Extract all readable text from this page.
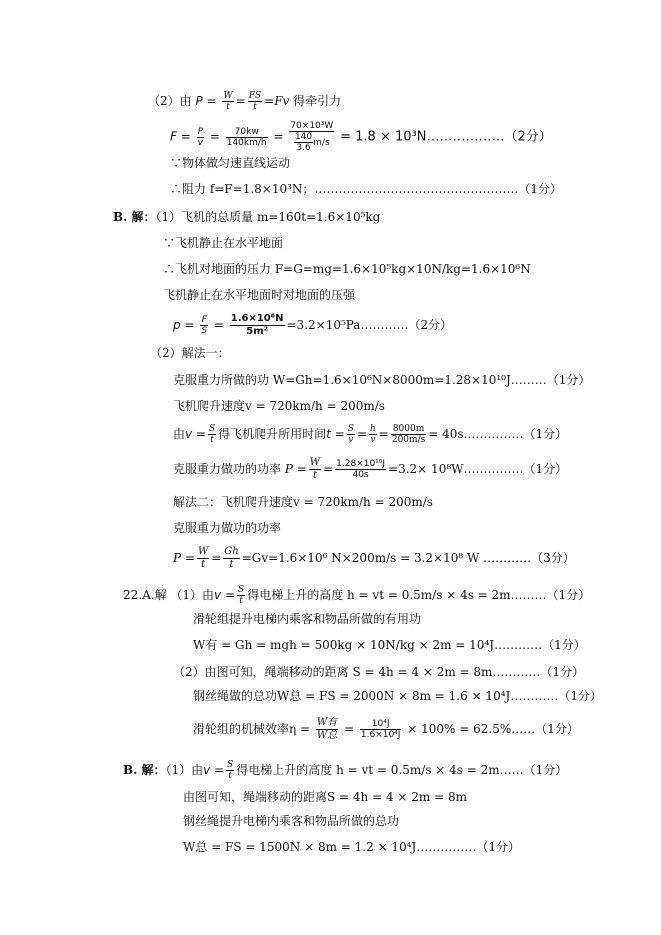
（2）由 $P = \frac{W}{t} = \frac{FS}{t} =Fv$ 得牵引力
$F = \frac{P}{v} = \frac{70kw}{140km/h} = \frac{\text{70×10³W}}{\frac{140}{3.6} m/s} = 1.8$ × 10³N………………（2分）
∵物体做匀速直线运动
∴阻力 f=F=1.8×10³N；……………………………………………（1分）
B. 解：（1）飞机的总质量 m=160t=1.6×10⁵kg
∵飞机静止在水平地面
∴飞机对地面的压力 F=G=mg=1.6×10⁵kg×10N/kg=1.6×10⁶N
飞机静止在水平地面时对地面的压强
$p = \frac{F}{S} = \frac{\text{1.6×10⁶N}}{\text{5m²}}$ =3.2×10⁵Pa…………（2分）
（2）解法一：
克服重力所做的功 W=Gh=1.6×10⁶N×8000m=1.28×10¹⁰J………（1分）
飞机爬升速度v = 720km/h = 200m/s
由$v = \frac{S}{t}$ 得飞机爬升所用时间$t = \frac{S}{v} = \frac{h}{v} = \frac{8000m}{200m/s}$ = 40s……………（1分）
克服重力做功的功率 $P = \frac{W}{t} = \frac{\text{1.28×10¹⁰J}}{40s} =3.2\times$ 10⁸W……………（1分）
解法二：飞机爬升速度v = 720km/h = 200m/s
克服重力做功的功率
$P = \frac{W}{t} = \frac{Gh}{t} =Gv=1.6\times 10^6$ N×200m/s = 3.2×10⁸ W …………（3分）
22.A.解 （1）由$v = \frac{S}{t}$ 得电梯上升的高度 h = vt = 0.5m/s × 4s = 2m………（1分）
滑轮组提升电梯内乘客和物品所做的有用功
W有 = Gh = mgh = 500kg × 10N/kg × 2m = 10⁴J…………（1分）
（2）由图可知，绳端移动的距离 S = 4h = 4 × 2m = 8m…………（1分）
钢丝绳做的总功W总 = FS = 2000N × 8m = 1.6 × 10⁴J…………（1分）
滑轮组的机械效率$\eta = \frac{\text{W有}}{\text{W总}} = \frac{\text{10⁴J}}{\text{1.6×10⁴J}} \times 100\%$ = 62.5%……（1分）
B. 解：（1）由$v = \frac{S}{t}$ 得电梯上升的高度 h = vt = 0.5m/s × 4s = 2m……（1分）
由图可知，绳端移动的距离S = 4h = 4 × 2m = 8m
钢丝绳提升电梯内乘客和物品所做的总功
W总 = FS = 1500N × 8m = 1.2 × 10⁴J……………（1分）
